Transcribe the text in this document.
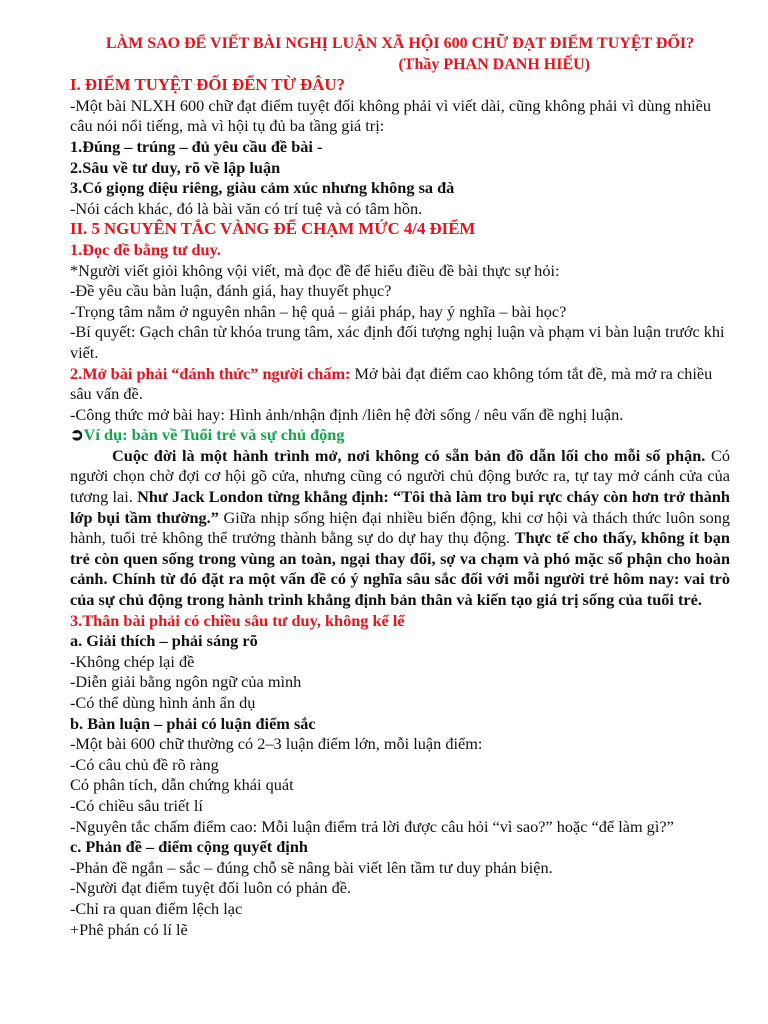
LÀM SAO ĐỂ VIẾT BÀI NGHỊ LUẬN XÃ HỘI 600 CHỮ ĐẠT ĐIỂM TUYỆT ĐỐI?

(Thầy PHAN DANH HIẾU)

I. ĐIỂM TUYỆT ĐỐI ĐẾN TỪ ĐÂU?

-Một bài NLXH 600 chữ đạt điểm tuyệt đối không phải vì viết dài, cũng không phải vì dùng nhiều câu nói nổi tiếng, mà vì hội tụ đủ ba tầng giá trị:

1.Đúng – trúng – đủ yêu cầu đề bài -

2.Sâu về tư duy, rõ về lập luận

3.Có giọng điệu riêng, giàu cảm xúc nhưng không sa đà

-Nói cách khác, đó là bài văn có trí tuệ và có tâm hồn.

II. 5 NGUYÊN TẮC VÀNG ĐỂ CHẠM MỨC 4/4 ĐIỂM

1.Đọc đề bằng tư duy.

*Người viết giỏi không vội viết, mà đọc đề để hiểu điều đề bài thực sự hỏi:

-Đề yêu cầu bàn luận, đánh giá, hay thuyết phục?

-Trọng tâm nằm ở nguyên nhân – hệ quả – giải pháp, hay ý nghĩa – bài học?

-Bí quyết: Gạch chân từ khóa trung tâm, xác định đối tượng nghị luận và phạm vi bàn luận trước khi viết.

2.Mở bài phải “đánh thức” người chấm: Mở bài đạt điểm cao không tóm tắt đề, mà mở ra chiều sâu vấn đề.

-Công thức mở bài hay: Hình ảnh/nhận định /liên hệ đời sống / nêu vấn đề nghị luận.

➲Ví dụ: bàn về Tuổi trẻ và sự chủ động

Cuộc đời là một hành trình mở, nơi không có sẵn bản đồ dẫn lối cho mỗi số phận. Có người chọn chờ đợi cơ hội gõ cửa, nhưng cũng có người chủ động bước ra, tự tay mở cánh cửa của tương lai. Như Jack London từng khẳng định: “Tôi thà làm tro bụi rực cháy còn hơn trở thành lớp bụi tầm thường.” Giữa nhịp sống hiện đại nhiều biến động, khi cơ hội và thách thức luôn song hành, tuổi trẻ không thể trưởng thành bằng sự do dự hay thụ động. Thực tế cho thấy, không ít bạn trẻ còn quen sống trong vùng an toàn, ngại thay đổi, sợ va chạm và phó mặc số phận cho hoàn cảnh. Chính từ đó đặt ra một vấn đề có ý nghĩa sâu sắc đối với mỗi người trẻ hôm nay: vai trò của sự chủ động trong hành trình khẳng định bản thân và kiến tạo giá trị sống của tuổi trẻ.

3.Thân bài phải có chiều sâu tư duy, không kể lể

a. Giải thích – phải sáng rõ

-Không chép lại đề

-Diễn giải bằng ngôn ngữ của mình

-Có thể dùng hình ảnh ẩn dụ

b. Bàn luận – phải có luận điểm sắc

-Một bài 600 chữ thường có 2–3 luận điểm lớn, mỗi luận điểm:

-Có câu chủ đề rõ ràng

Có phân tích, dẫn chứng khái quát

-Có chiều sâu triết lí

-Nguyên tắc chấm điểm cao: Mỗi luận điểm trả lời được câu hỏi “vì sao?” hoặc “để làm gì?”

c. Phản đề – điểm cộng quyết định

-Phản đề ngắn – sắc – đúng chỗ sẽ nâng bài viết lên tầm tư duy phản biện.

-Người đạt điểm tuyệt đối luôn có phản đề.

-Chỉ ra quan điểm lệch lạc

+Phê phán có lí lẽ
